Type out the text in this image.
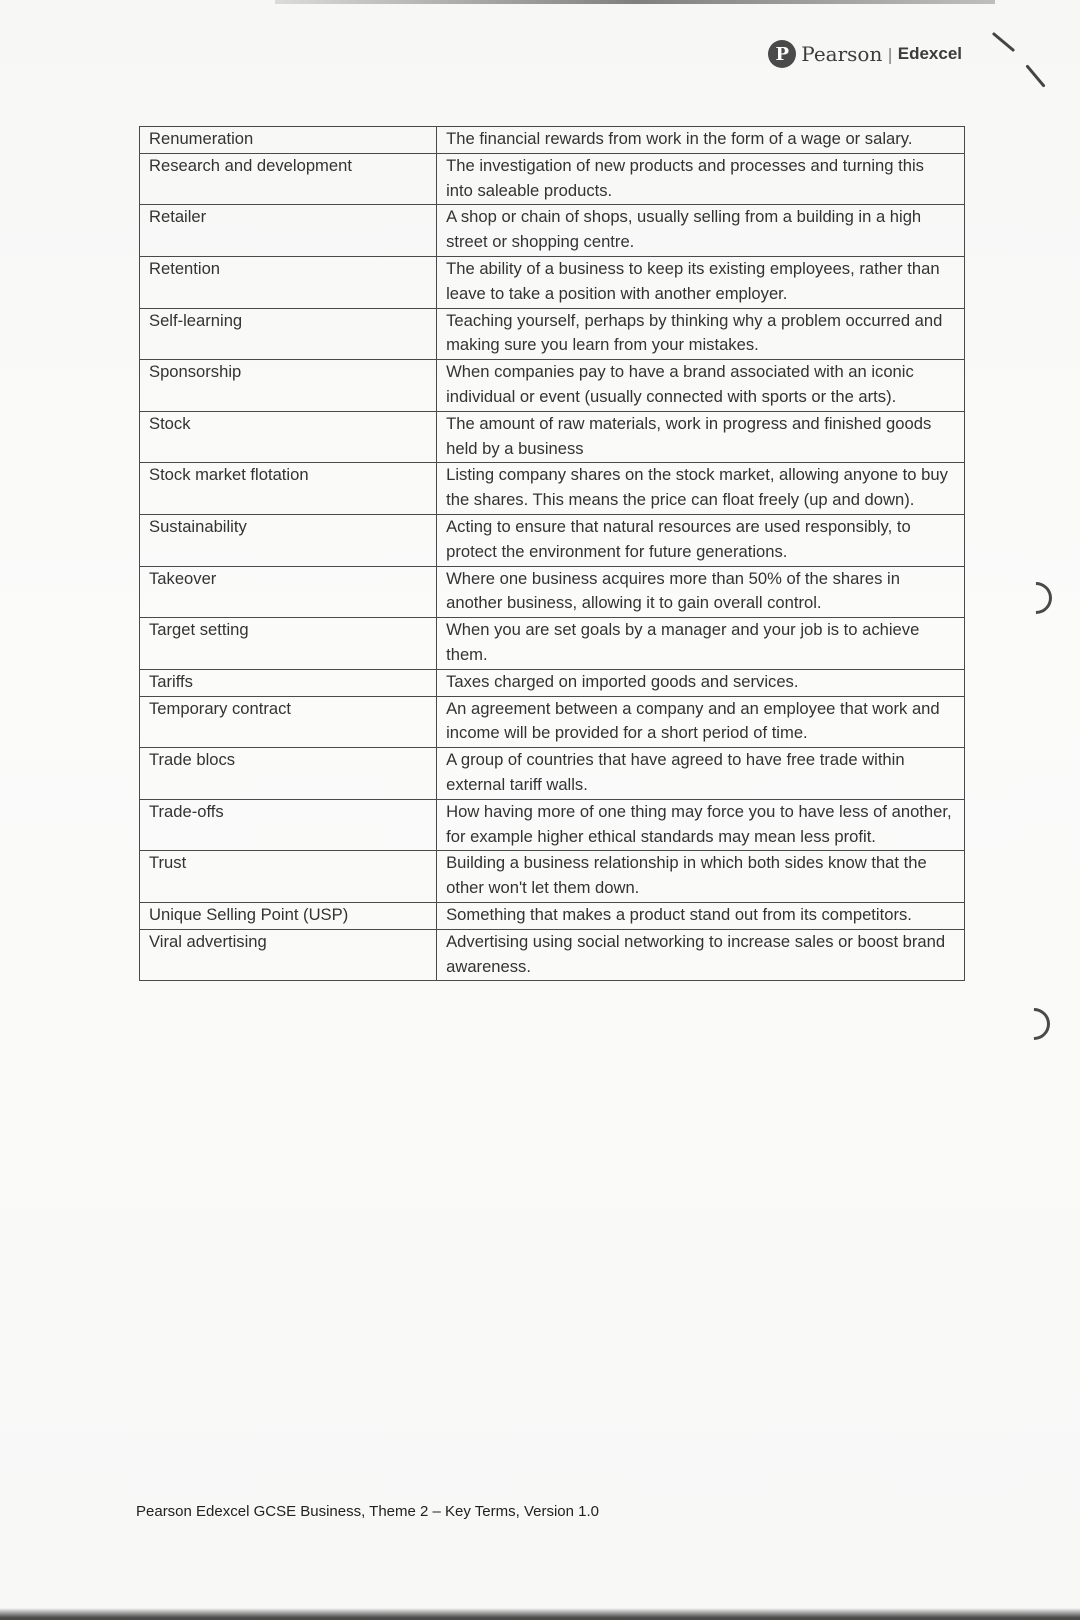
P Pearson | Edexcel
Renumeration	The financial rewards from work in the form of a wage or salary.
Research and development	The investigation of new products and processes and turning this into saleable products.
Retailer	A shop or chain of shops, usually selling from a building in a high street or shopping centre.
Retention	The ability of a business to keep its existing employees, rather than leave to take a position with another employer.
Self-learning	Teaching yourself, perhaps by thinking why a problem occurred and making sure you learn from your mistakes.
Sponsorship	When companies pay to have a brand associated with an iconic individual or event (usually connected with sports or the arts).
Stock	The amount of raw materials, work in progress and finished goods held by a business
Stock market flotation	Listing company shares on the stock market, allowing anyone to buy the shares. This means the price can float freely (up and down).
Sustainability	Acting to ensure that natural resources are used responsibly, to protect the environment for future generations.
Takeover	Where one business acquires more than 50% of the shares in another business, allowing it to gain overall control.
Target setting	When you are set goals by a manager and your job is to achieve them.
Tariffs	Taxes charged on imported goods and services.
Temporary contract	An agreement between a company and an employee that work and income will be provided for a short period of time.
Trade blocs	A group of countries that have agreed to have free trade within external tariff walls.
Trade-offs	How having more of one thing may force you to have less of another, for example higher ethical standards may mean less profit.
Trust	Building a business relationship in which both sides know that the other won't let them down.
Unique Selling Point (USP)	Something that makes a product stand out from its competitors.
Viral advertising	Advertising using social networking to increase sales or boost brand awareness.
Pearson Edexcel GCSE Business, Theme 2 – Key Terms, Version 1.0
